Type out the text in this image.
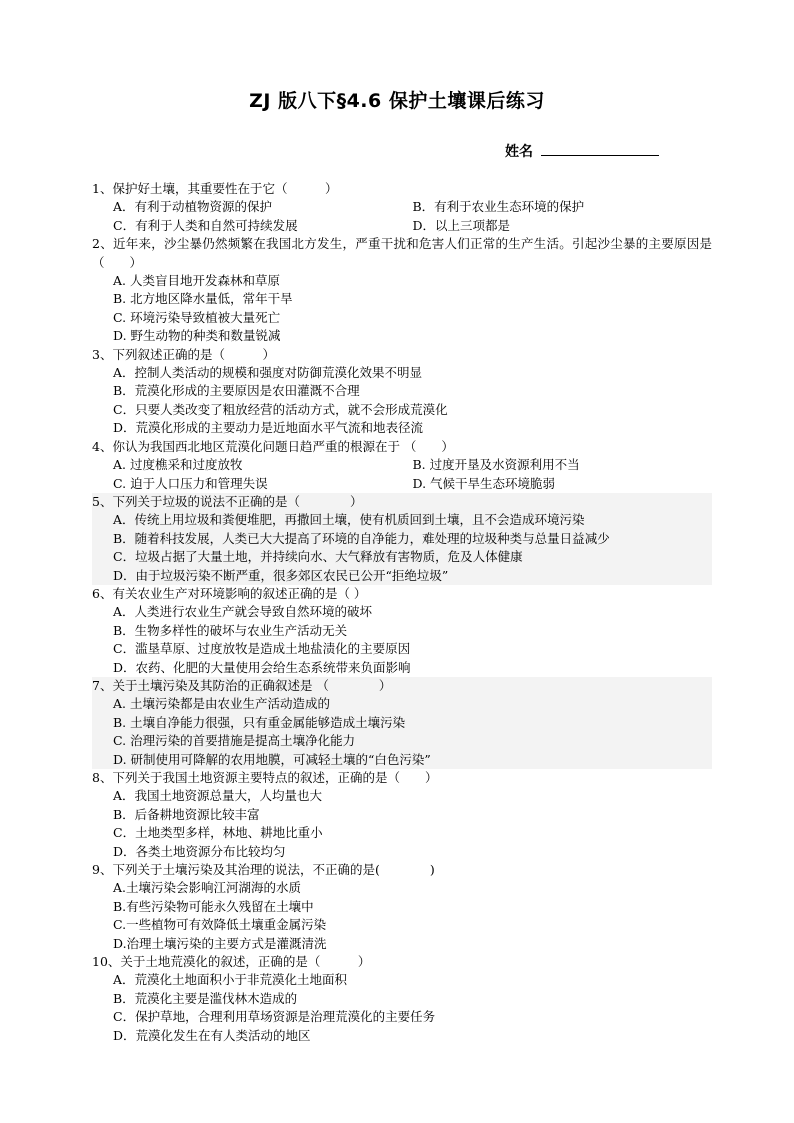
ZJ 版八下§4.6 保护土壤课后练习
姓名

1、保护好土壤，其重要性在于它（　　　）

A．有利于动植物资源的保护	B．有利于农业生态环境的保护
C．有利于人类和自然可持续发展	D．以上三项都是

2、近年来，沙尘暴仍然频繁在我国北方发生，严重干扰和危害人们正常的生产生活。引起沙尘暴的主要原因是（　　）

A. 人类盲目地开发森林和草原
B. 北方地区降水量低，常年干旱
C. 环境污染导致植被大量死亡
D. 野生动物的种类和数量锐减

3、下列叙述正确的是（　　　）

A．控制人类活动的规模和强度对防御荒漠化效果不明显
B．荒漠化形成的主要原因是农田灌溉不合理
C．只要人类改变了粗放经营的活动方式，就不会形成荒漠化
D．荒漠化形成的主要动力是近地面水平气流和地表径流

4、你认为我国西北地区荒漠化问题日趋严重的根源在于 （　　）

A. 过度樵采和过度放牧	B. 过度开垦及水资源利用不当
C. 迫于人口压力和管理失误	D. 气候干旱生态环境脆弱

5、下列关于垃圾的说法不正确的是（　　　　）

A．传统上用垃圾和粪便堆肥，再撒回土壤，使有机质回到土壤，且不会造成环境污染
B．随着科技发展，人类已大大提高了环境的自净能力，难处理的垃圾种类与总量日益减少
C．垃圾占据了大量土地，并持续向水、大气释放有害物质，危及人体健康
D．由于垃圾污染不断严重，很多郊区农民已公开“拒绝垃圾”

6、有关农业生产对环境影响的叙述正确的是（ ）

A．人类进行农业生产就会导致自然环境的破坏
B．生物多样性的破坏与农业生产活动无关
C．滥垦草原、过度放牧是造成土地盐渍化的主要原因
D．农药、化肥的大量使用会给生态系统带来负面影响

7、关于土壤污染及其防治的正确叙述是 （　　　　）

A. 土壤污染都是由农业生产活动造成的
B. 土壤自净能力很强，只有重金属能够造成土壤污染
C. 治理污染的首要措施是提高土壤净化能力
D. 研制使用可降解的农用地膜，可减轻土壤的“白色污染”

8、下列关于我国土地资源主要特点的叙述，正确的是（　　）

A．我国土地资源总量大，人均量也大
B．后备耕地资源比较丰富
C．土地类型多样，林地、耕地比重小
D．各类土地资源分布比较均匀

9、下列关于土壤污染及其治理的说法，不正确的是(　　　　)

A.土壤污染会影响江河湖海的水质
B.有些污染物可能永久残留在土壤中
C.一些植物可有效降低土壤重金属污染
D.治理土壤污染的主要方式是灌溉清洗

10、关于土地荒漠化的叙述，正确的是（　　　）

A．荒漠化土地面积小于非荒漠化土地面积
B．荒漠化主要是滥伐林木造成的
C．保护草地，合理利用草场资源是治理荒漠化的主要任务
D．荒漠化发生在有人类活动的地区
